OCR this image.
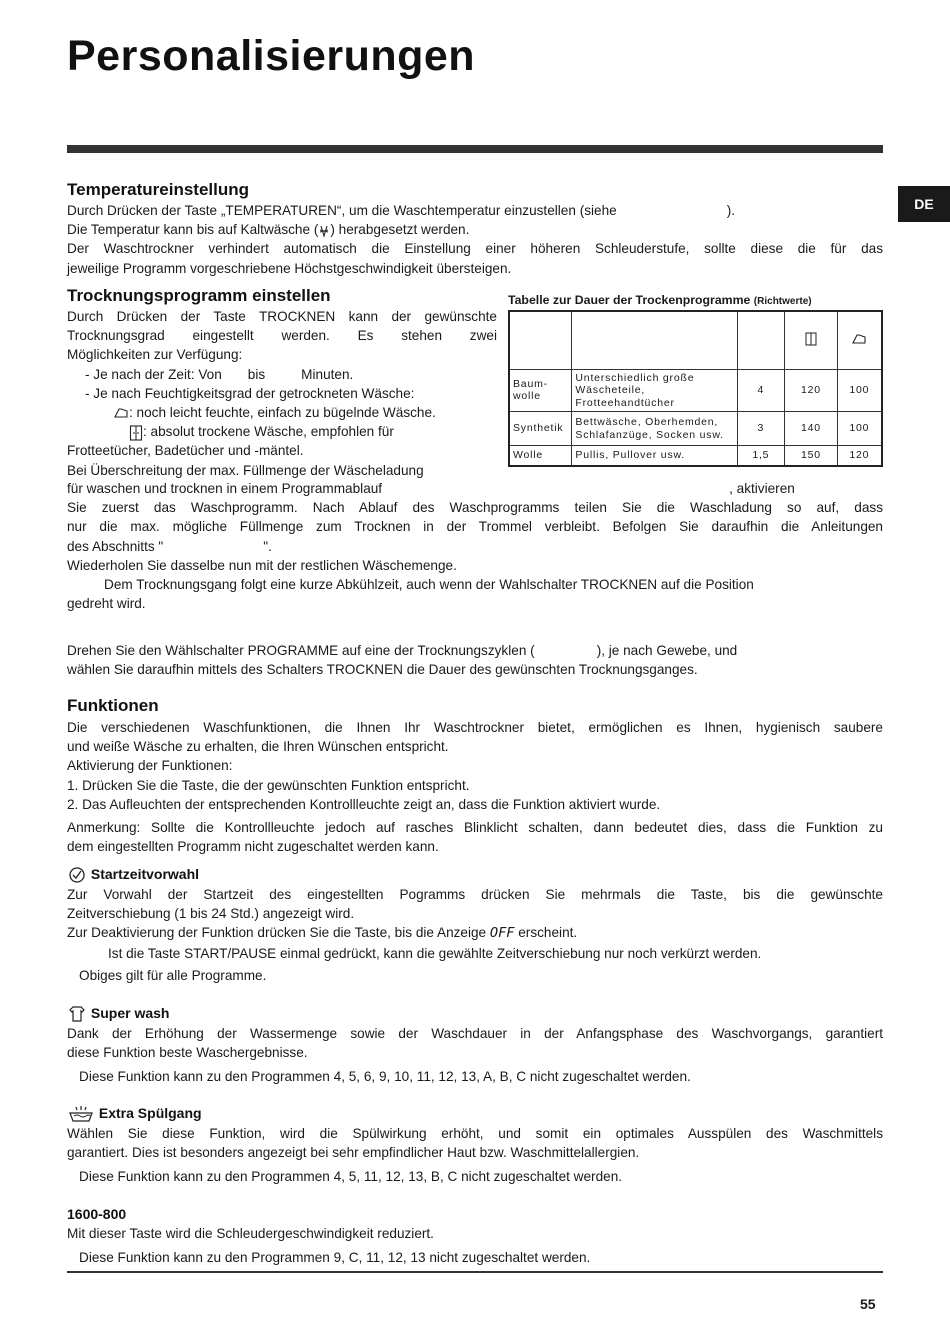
Personalisierungen
DE
Temperatureinstellung
Durch Drücken der Taste „TEMPERATUREN“, um die Waschtemperatur einzustellen (siehe	).
Die Temperatur kann bis auf Kaltwäsche ( ) herabgesetzt werden.
Der Waschtrockner verhindert automatisch die Einstellung einer höheren Schleuderstufe, sollte diese die für das
jeweilige Programm vorgeschriebene Höchstgeschwindigkeit übersteigen.
Trocknungsprogramm einstellen
Durch Drücken der Taste TROCKNEN kann der gewünschte
Trocknungsgrad eingestellt werden. Es stehen zwei
Möglichkeiten zur Verfügung:
- Je nach der Zeit: Von bis	Minuten.
- Je nach Feuchtigkeitsgrad der getrockneten Wäsche:
: noch leicht feuchte, einfach zu bügelnde Wäsche.
: absolut trockene Wäsche, empfohlen für
Frotteetücher, Badetücher und -mäntel.
Bei Überschreitung der max. Füllmenge der Wäscheladung
für waschen und trocknen in einem Programmablauf	, aktivieren
Sie zuerst das Waschprogramm. Nach Ablauf des Waschprogramms teilen Sie die Waschladung so auf, dass
nur die max. mögliche Füllmenge zum Trocknen in der Trommel verbleibt. Befolgen Sie daraufhin die Anleitungen
des Abschnitts "	".
Wiederholen Sie dasselbe nun mit der restlichen Wäschemenge.
Dem Trocknungsgang folgt eine kurze Abkühlzeit, auch wenn der Wahlschalter TROCKNEN auf die Position
gedreht wird.
Drehen Sie den Wählschalter PROGRAMME auf eine der Trocknungszyklen (	), je nach Gewebe, und
wählen Sie daraufhin mittels des Schalters TROCKNEN die Dauer des gewünschten Trocknungsganges.
Tabelle zur Dauer der Trockenprogramme (Richtwerte)

Baum- wolle	Unterschiedlich große Wäscheteile, Frotteehandtücher	4	120	100
Synthetik	Bettwäsche, Oberhemden, Schlafanzüge, Socken usw.	3	140	100
Wolle	Pullis, Pullover usw.	1,5	150	120
Funktionen
Die verschiedenen Waschfunktionen, die Ihnen Ihr Waschtrockner bietet, ermöglichen es Ihnen, hygienisch saubere
und weiße Wäsche zu erhalten, die Ihren Wünschen entspricht.
Aktivierung der Funktionen:
1. Drücken Sie die Taste, die der gewünschten Funktion entspricht.
2. Das Aufleuchten der entsprechenden Kontrollleuchte zeigt an, dass die Funktion aktiviert wurde.
Anmerkung: Sollte die Kontrollleuchte jedoch auf rasches Blinklicht schalten, dann bedeutet dies, dass die Funktion zu
dem eingestellten Programm nicht zugeschaltet werden kann.
Startzeitvorwahl
Zur Vorwahl der Startzeit des eingestellten Pogramms drücken Sie mehrmals die Taste, bis die gewünschte
Zeitverschiebung (1 bis 24 Std.) angezeigt wird.
Zur Deaktivierung der Funktion drücken Sie die Taste, bis die Anzeige OFF erscheint.
Ist die Taste START/PAUSE einmal gedrückt, kann die gewählte Zeitverschiebung nur noch verkürzt werden.
Obiges gilt für alle Programme.
Super wash
Dank der Erhöhung der Wassermenge sowie der Waschdauer in der Anfangsphase des Waschvorgangs, garantiert
diese Funktion beste Waschergebnisse.
Diese Funktion kann zu den Programmen 4, 5, 6, 9, 10, 11, 12, 13, A, B, C nicht zugeschaltet werden.
Extra Spülgang
Wählen Sie diese Funktion, wird die Spülwirkung erhöht, und somit ein optimales Ausspülen des Waschmittels
garantiert. Dies ist besonders angezeigt bei sehr empfindlicher Haut bzw. Waschmittelallergien.
Diese Funktion kann zu den Programmen 4, 5, 11, 12, 13, B, C nicht zugeschaltet werden.
1600-800
Mit dieser Taste wird die Schleudergeschwindigkeit reduziert.
Diese Funktion kann zu den Programmen 9, C, 11, 12, 13 nicht zugeschaltet werden.
55
